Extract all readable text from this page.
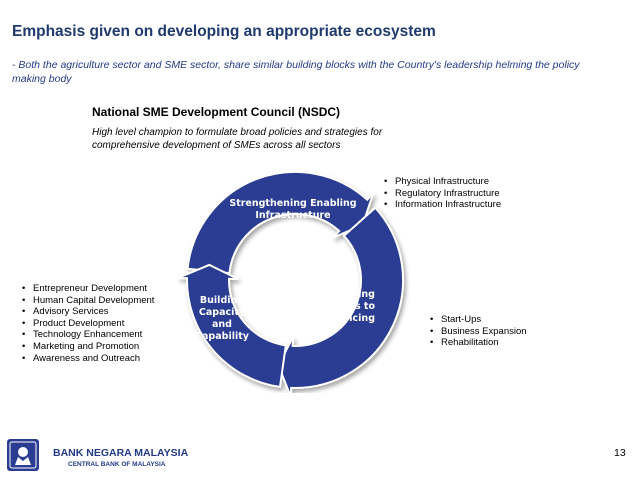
Emphasis given on developing an appropriate ecosystem
- Both the agriculture sector and SME sector, share similar building blocks with the Country's leadership helming the policy making body
National SME Development Council (NSDC)
High level champion to formulate broad policies and strategies for comprehensive development of SMEs across all sectors
Strengthening Enabling Infrastructure
Enhancing Access to Financing
Building Capacity and Capability
• Physical Infrastructure
• Regulatory Infrastructure
• Information Infrastructure
• Start-Ups
• Business Expansion
• Rehabilitation
• Entrepreneur Development
• Human Capital Development
• Advisory Services
• Product Development
• Technology Enhancement
• Marketing and Promotion
• Awareness and Outreach
BANK NEGARA MALAYSIA
CENTRAL BANK OF MALAYSIA
13
